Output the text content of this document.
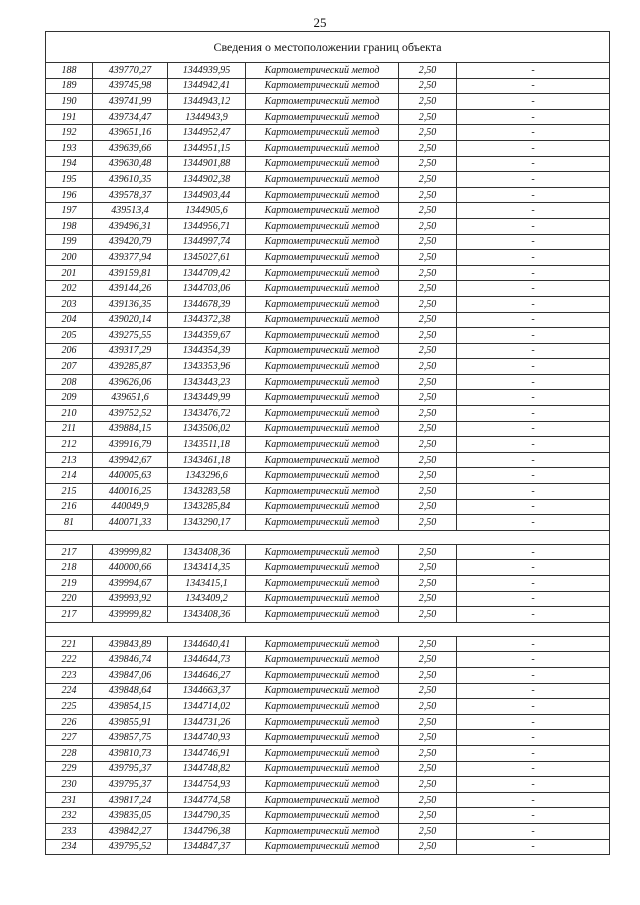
25
Сведения о местоположении границ объекта					
188	439770,27	1344939,95	Картометрический метод	2,50	-
189	439745,98	1344942,41	Картометрический метод	2,50	-
190	439741,99	1344943,12	Картометрический метод	2,50	-
191	439734,47	1344943,9	Картометрический метод	2,50	-
192	439651,16	1344952,47	Картометрический метод	2,50	-
193	439639,66	1344951,15	Картометрический метод	2,50	-
194	439630,48	1344901,88	Картометрический метод	2,50	-
195	439610,35	1344902,38	Картометрический метод	2,50	-
196	439578,37	1344903,44	Картометрический метод	2,50	-
197	439513,4	1344905,6	Картометрический метод	2,50	-
198	439496,31	1344956,71	Картометрический метод	2,50	-
199	439420,79	1344997,74	Картометрический метод	2,50	-
200	439377,94	1345027,61	Картометрический метод	2,50	-
201	439159,81	1344709,42	Картометрический метод	2,50	-
202	439144,26	1344703,06	Картометрический метод	2,50	-
203	439136,35	1344678,39	Картометрический метод	2,50	-
204	439020,14	1344372,38	Картометрический метод	2,50	-
205	439275,55	1344359,67	Картометрический метод	2,50	-
206	439317,29	1344354,39	Картометрический метод	2,50	-
207	439285,87	1343353,96	Картометрический метод	2,50	-
208	439626,06	1343443,23	Картометрический метод	2,50	-
209	439651,6	1343449,99	Картометрический метод	2,50	-
210	439752,52	1343476,72	Картометрический метод	2,50	-
211	439884,15	1343506,02	Картометрический метод	2,50	-
212	439916,79	1343511,18	Картометрический метод	2,50	-
213	439942,67	1343461,18	Картометрический метод	2,50	-
214	440005,63	1343296,6	Картометрический метод	2,50	-
215	440016,25	1343283,58	Картометрический метод	2,50	-
216	440049,9	1343285,84	Картометрический метод	2,50	-
81	440071,33	1343290,17	Картометрический метод	2,50	-

217	439999,82	1343408,36	Картометрический метод	2,50	-
218	440000,66	1343414,35	Картометрический метод	2,50	-
219	439994,67	1343415,1	Картометрический метод	2,50	-
220	439993,92	1343409,2	Картометрический метод	2,50	-
217	439999,82	1343408,36	Картометрический метод	2,50	-

221	439843,89	1344640,41	Картометрический метод	2,50	-
222	439846,74	1344644,73	Картометрический метод	2,50	-
223	439847,06	1344646,27	Картометрический метод	2,50	-
224	439848,64	1344663,37	Картометрический метод	2,50	-
225	439854,15	1344714,02	Картометрический метод	2,50	-
226	439855,91	1344731,26	Картометрический метод	2,50	-
227	439857,75	1344740,93	Картометрический метод	2,50	-
228	439810,73	1344746,91	Картометрический метод	2,50	-
229	439795,37	1344748,82	Картометрический метод	2,50	-
230	439795,37	1344754,93	Картометрический метод	2,50	-
231	439817,24	1344774,58	Картометрический метод	2,50	-
232	439835,05	1344790,35	Картометрический метод	2,50	-
233	439842,27	1344796,38	Картометрический метод	2,50	-
234	439795,52	1344847,37	Картометрический метод	2,50	-
